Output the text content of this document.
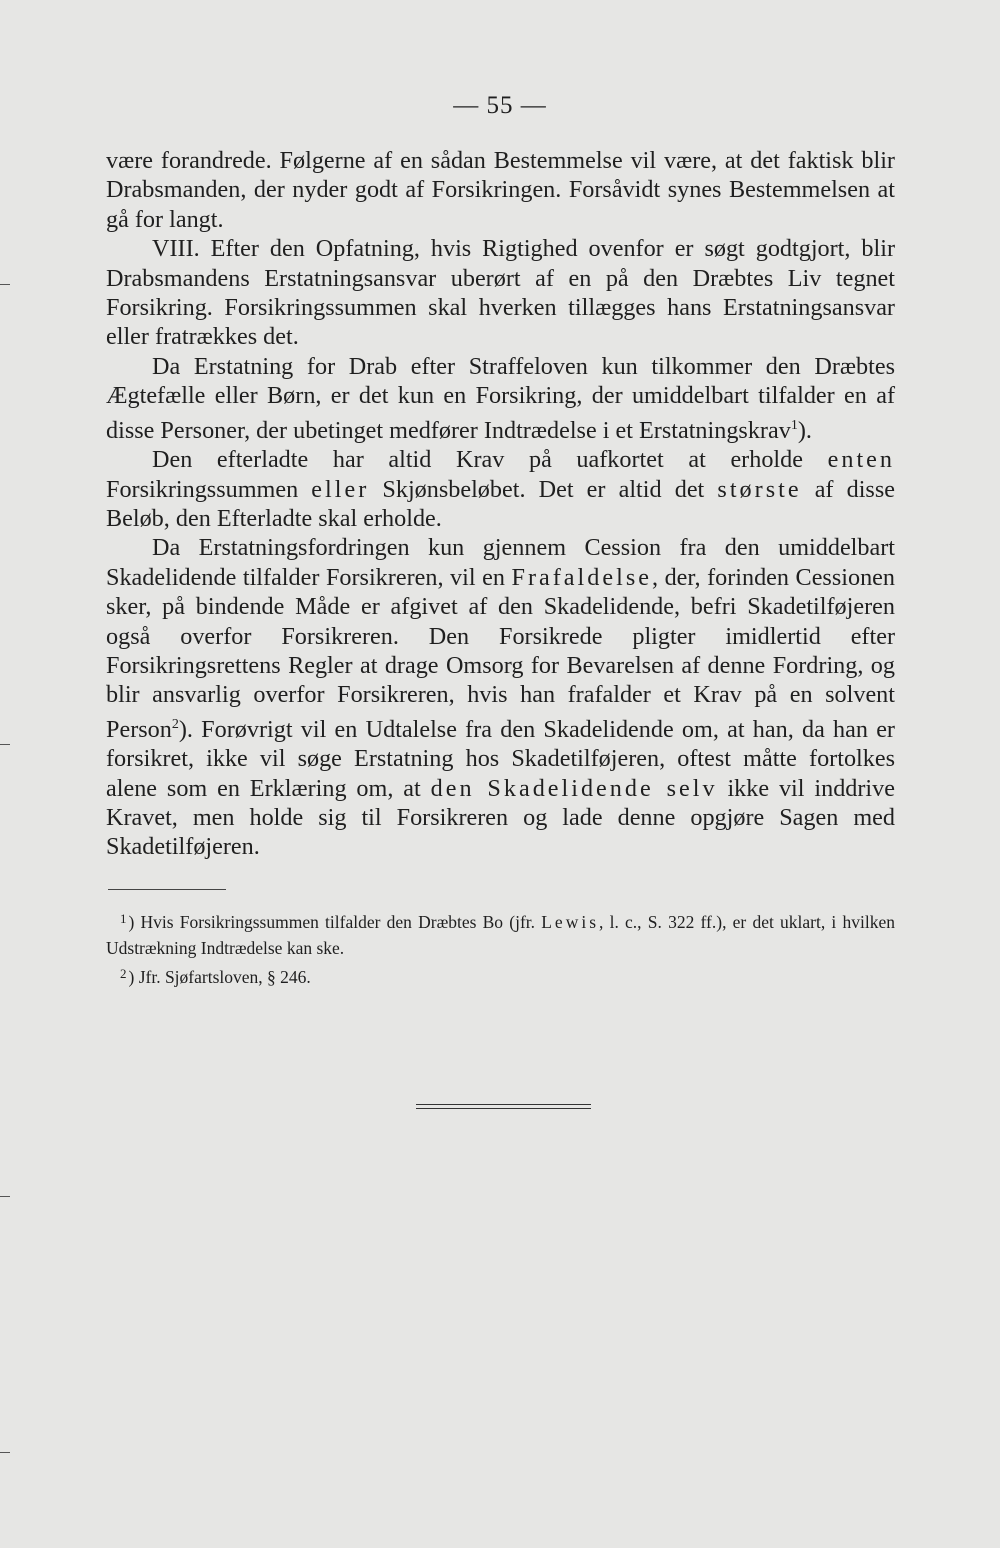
— 55 —

være forandrede. Følgerne af en sådan Bestemmelse vil være, at det faktisk blir Drabsmanden, der nyder godt af Forsikringen. Forsåvidt synes Bestemmelsen at gå for langt.

VIII. Efter den Opfatning, hvis Rigtighed ovenfor er søgt godtgjort, blir Drabsmandens Erstatningsansvar uberørt af en på den Dræbtes Liv tegnet Forsikring. Forsikringssummen skal hverken tillægges hans Erstatningsansvar eller fratrækkes det.

Da Erstatning for Drab efter Straffeloven kun tilkommer den Dræbtes Ægtefælle eller Børn, er det kun en Forsikring, der umiddelbart tilfalder en af disse Personer, der ubetinget medfører Indtrædelse i et Erstatningskrav$^1$).

Den efterladte har altid Krav på uafkortet at erholde enten Forsikringssummen eller Skjønsbeløbet. Det er altid det største af disse Beløb, den Efterladte skal erholde.

Da Erstatningsfordringen kun gjennem Cession fra den umiddelbart Skadelidende tilfalder Forsikreren, vil en Frafaldelse, der, forinden Cessionen sker, på bindende Måde er afgivet af den Skadelidende, befri Skadetilføjeren også overfor Forsikreren. Den Forsikrede pligter imidlertid efter Forsikringsrettens Regler at drage Omsorg for Bevarelsen af denne Fordring, og blir ansvarlig overfor Forsikreren, hvis han frafalder et Krav på en solvent Person$^2$). Forøvrigt vil en Udtalelse fra den Skadelidende om, at han, da han er forsikret, ikke vil søge Erstatning hos Skadetilføjeren, oftest måtte fortolkes alene som en Erklæring om, at den Skadelidende selv ikke vil inddrive Kravet, men holde sig til Forsikreren og lade denne opgjøre Sagen med Skadetilføjeren.

$^1$ ) Hvis Forsikringssummen tilfalder den Dræbtes Bo (jfr. Lewis, l. c., S. 322 ff.), er det uklart, i hvilken Udstrækning Indtrædelse kan ske.

$^2$ ) Jfr. Sjøfartsloven, § 246.
